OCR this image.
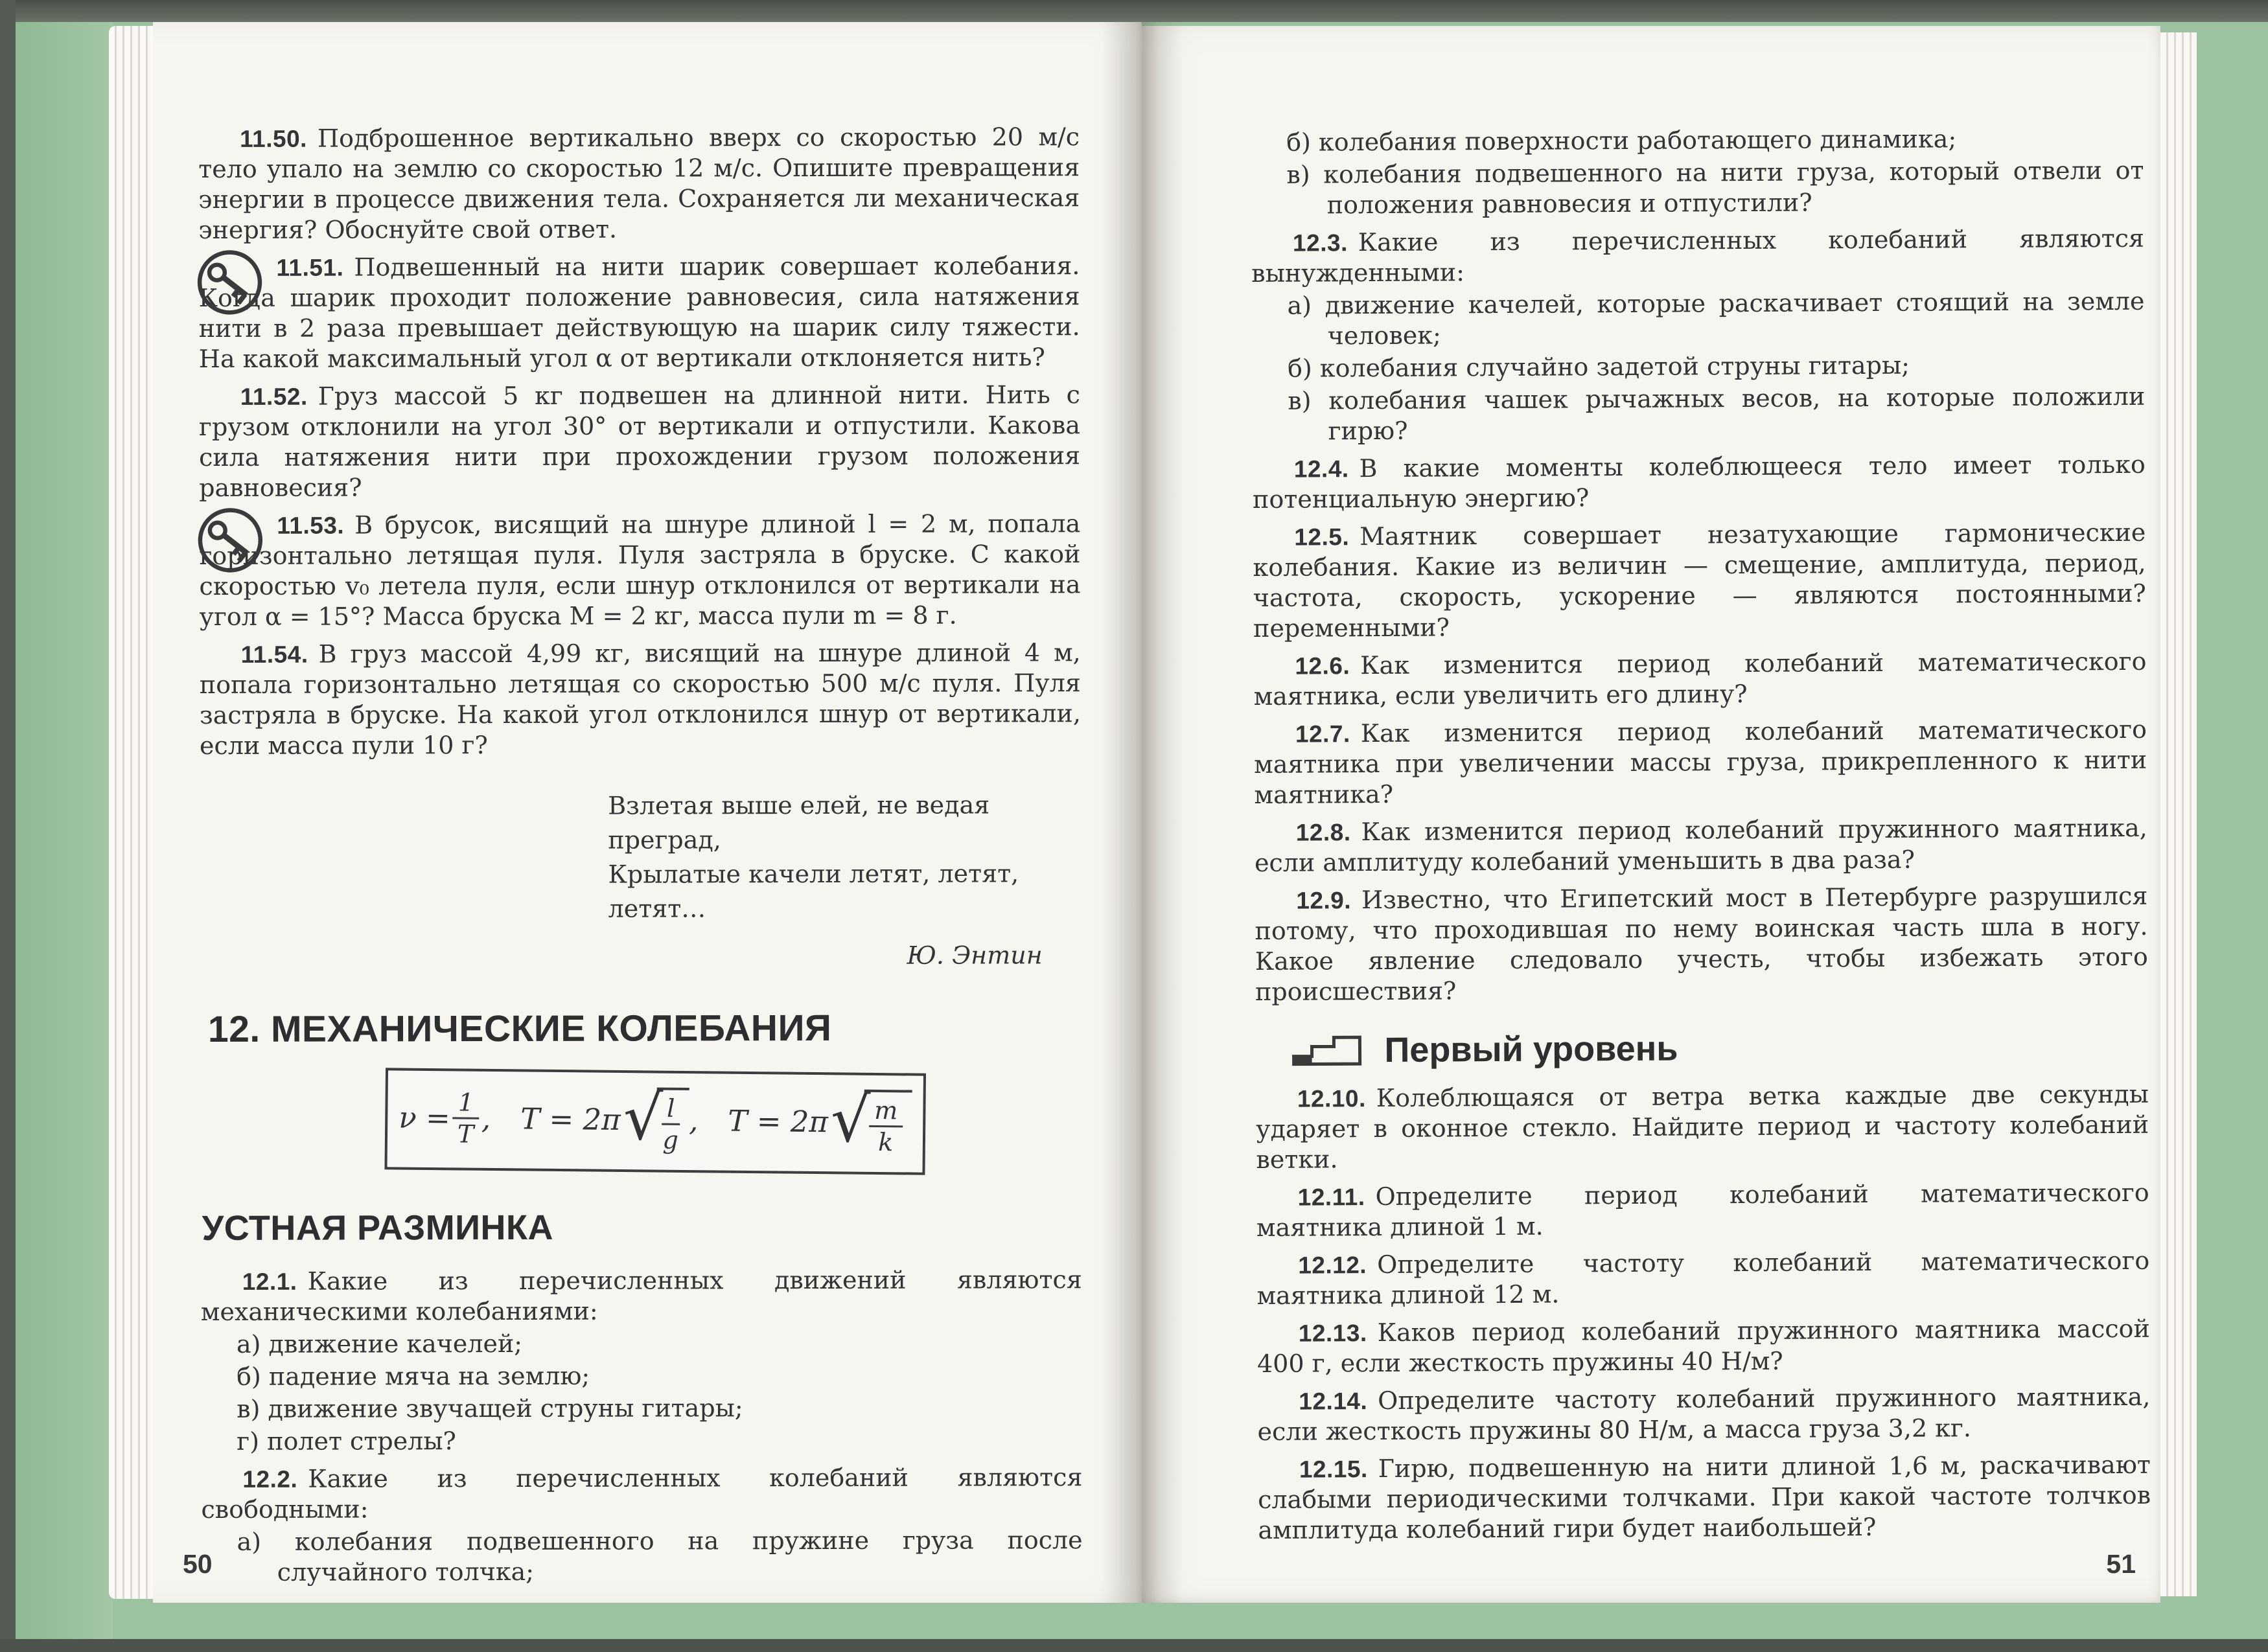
11.50. Подброшенное вертикально вверх со скоростью 20 м/с тело упало на землю со скоростью 12 м/с. Опишите превращения энергии в процессе движения тела. Сохраняется ли механическая энергия? Обоснуйте свой ответ.

11.51. Подвешенный на нити шарик совершает колебания. Когда шарик проходит положение равновесия, сила натяжения нити в 2 раза превышает действующую на шарик силу тяжести. На какой максимальный угол α от вертикали отклоняется нить?

11.52. Груз массой 5 кг подвешен на длинной нити. Нить с грузом отклонили на угол 30° от вертикали и отпустили. Какова сила натяжения нити при прохождении грузом положения равновесия?

11.53. В брусок, висящий на шнуре длиной l = 2 м, попала горизонтально летящая пуля. Пуля застряла в бруске. С какой скоростью v₀ летела пуля, если шнур отклонился от вертикали на угол α = 15°? Масса бруска M = 2 кг, масса пули m = 8 г.

11.54. В груз массой 4,99 кг, висящий на шнуре длиной 4 м, попала горизонтально летящая со скоростью 500 м/с пуля. Пуля застряла в бруске. На какой угол отклонился шнур от вертикали, если масса пули 10 г?

Взлетая выше елей, не ведая преград,
Крылатые качели летят, летят, летят…
Ю. Энтин
12. МЕХАНИЧЕСКИЕ КОЛЕБАНИЯ
$\nu = \frac{1}{T}$ , T = 2π √
$\frac{l}{g}$ , T = 2π √
$\frac{m}{k}$
УСТНАЯ РАЗМИНКА

12.1. Какие из перечисленных движений являются механическими колебаниями:

а) движение качелей;
б) падение мяча на землю;
в) движение звучащей струны гитары;
г) полет стрелы?

12.2. Какие из перечисленных колебаний являются свободными:

а) колебания подвешенного на пружине груза после случайного толчка;
50
б) колебания поверхности работающего динамика;
в) колебания подвешенного на нити груза, который отвели от положения равновесия и отпустили?

12.3. Какие из перечисленных колебаний являются вынужденными:

а) движение качелей, которые раскачивает стоящий на земле человек;
б) колебания случайно задетой струны гитары;
в) колебания чашек рычажных весов, на которые положили гирю?

12.4. В какие моменты колеблющееся тело имеет только потенциальную энергию?

12.5. Маятник совершает незатухающие гармонические колебания. Какие из величин — смещение, амплитуда, период, частота, скорость, ускорение — являются постоянными? переменными?

12.6. Как изменится период колебаний математического маятника, если увеличить его длину?

12.7. Как изменится период колебаний математического маятника при увеличении массы груза, прикрепленного к нити маятника?

12.8. Как изменится период колебаний пружинного маятника, если амплитуду колебаний уменьшить в два раза?

12.9. Известно, что Египетский мост в Петербурге разрушился потому, что проходившая по нему воинская часть шла в ногу. Какое явление следовало учесть, чтобы избежать этого происшествия?

Первый уровень

12.10. Колеблющаяся от ветра ветка каждые две секунды ударяет в оконное стекло. Найдите период и частоту колебаний ветки.

12.11. Определите период колебаний математического маятника длиной 1 м.

12.12. Определите частоту колебаний математического маятника длиной 12 м.

12.13. Каков период колебаний пружинного маятника массой 400 г, если жесткость пружины 40 Н/м?

12.14. Определите частоту колебаний пружинного маятника, если жесткость пружины 80 Н/м, а масса груза 3,2 кг.

12.15. Гирю, подвешенную на нити длиной 1,6 м, раскачивают слабыми периодическими толчками. При какой частоте толчков амплитуда колебаний гири будет наибольшей?

51
